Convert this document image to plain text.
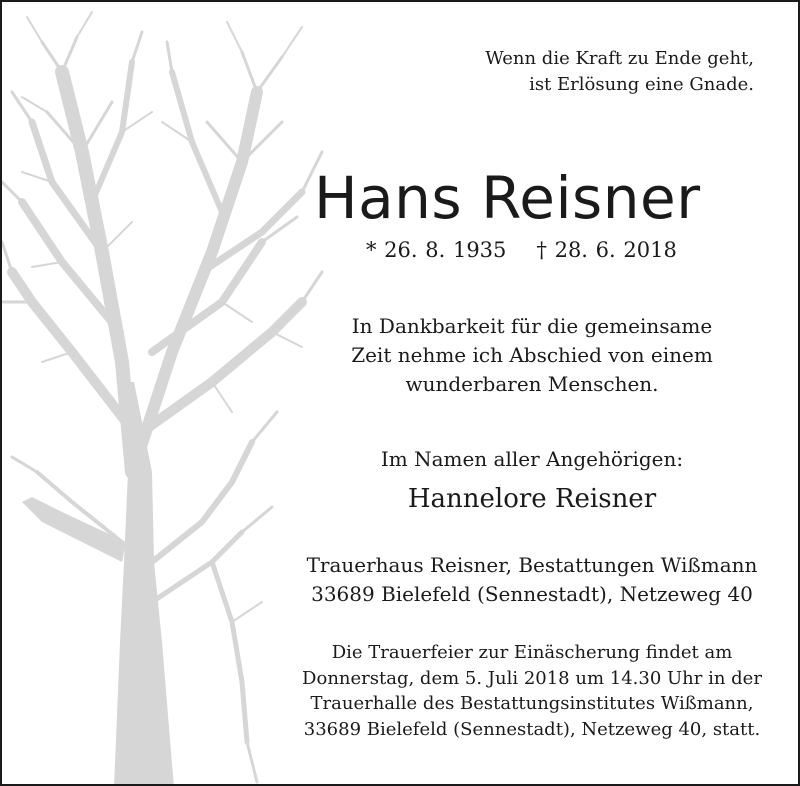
Wenn die Kraft zu Ende geht,
ist Erlösung eine Gnade.
Hans Reisner
* 26. 8. 1935 † 28. 6. 2018
In Dankbarkeit für die gemeinsame
Zeit nehme ich Abschied von einem
wunderbaren Menschen.
Im Namen aller Angehörigen:
Hannelore Reisner
Trauerhaus Reisner, Bestattungen Wißmann
33689 Bielefeld (Sennestadt), Netzeweg 40
Die Trauerfeier zur Einäscherung findet am
Donnerstag, dem 5. Juli 2018 um 14.30 Uhr in der
Trauerhalle des Bestattungsinstitutes Wißmann,
33689 Bielefeld (Sennestadt), Netzeweg 40, statt.
